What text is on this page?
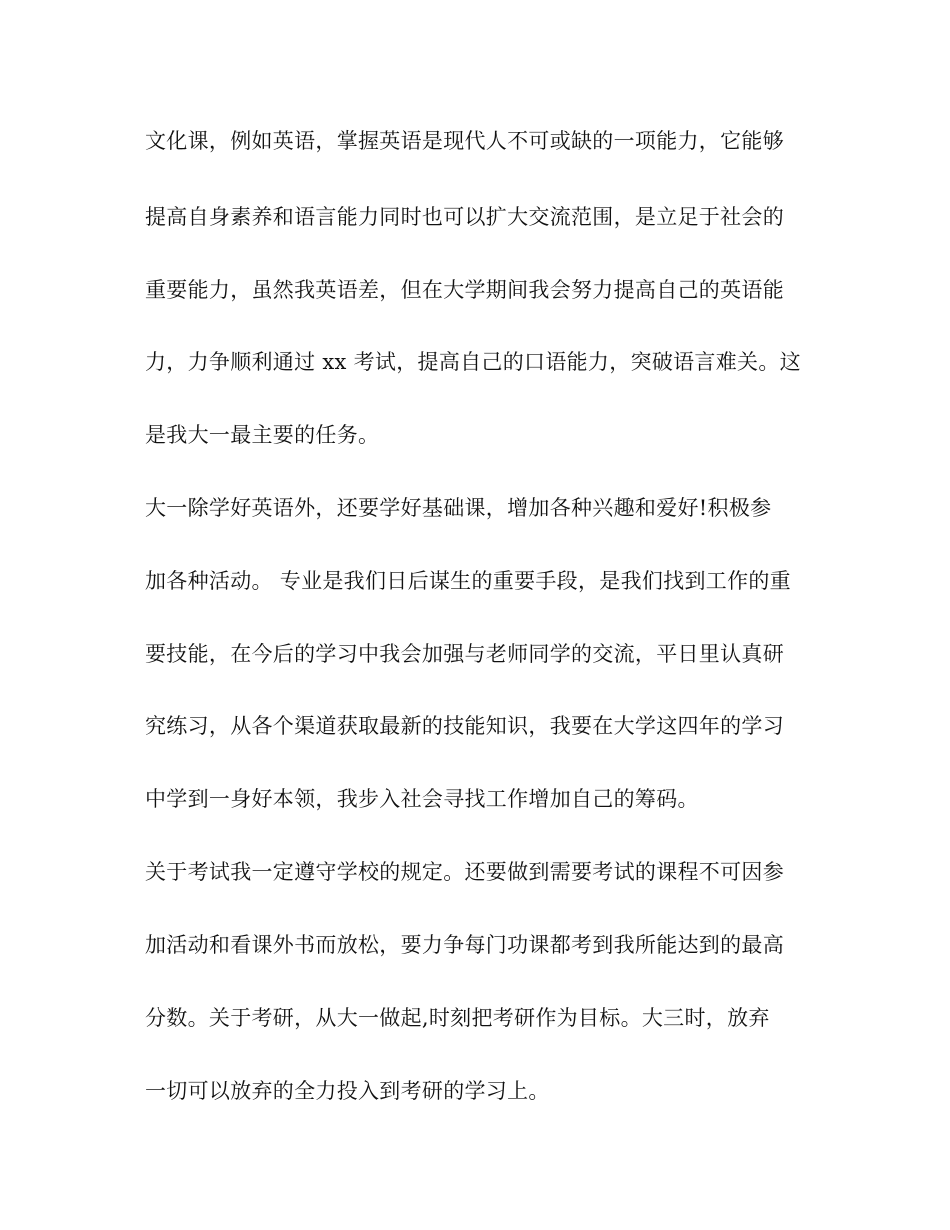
文化课，例如英语，掌握英语是现代人不可或缺的一项能力，它能够
提高自身素养和语言能力同时也可以扩大交流范围，是立足于社会的
重要能力，虽然我英语差，但在大学期间我会努力提高自己的英语能
力，力争顺利通过 xx 考试，提高自己的口语能力，突破语言难关。这
是我大一最主要的任务。
大一除学好英语外，还要学好基础课，增加各种兴趣和爱好!积极参
加各种活动。 专业是我们日后谋生的重要手段，是我们找到工作的重
要技能，在今后的学习中我会加强与老师同学的交流，平日里认真研
究练习，从各个渠道获取最新的技能知识，我要在大学这四年的学习
中学到一身好本领，我步入社会寻找工作增加自己的筹码。
关于考试我一定遵守学校的规定。还要做到需要考试的课程不可因参
加活动和看课外书而放松，要力争每门功课都考到我所能达到的最高
分数。关于考研，从大一做起,时刻把考研作为目标。大三时，放弃
一切可以放弃的全力投入到考研的学习上。
